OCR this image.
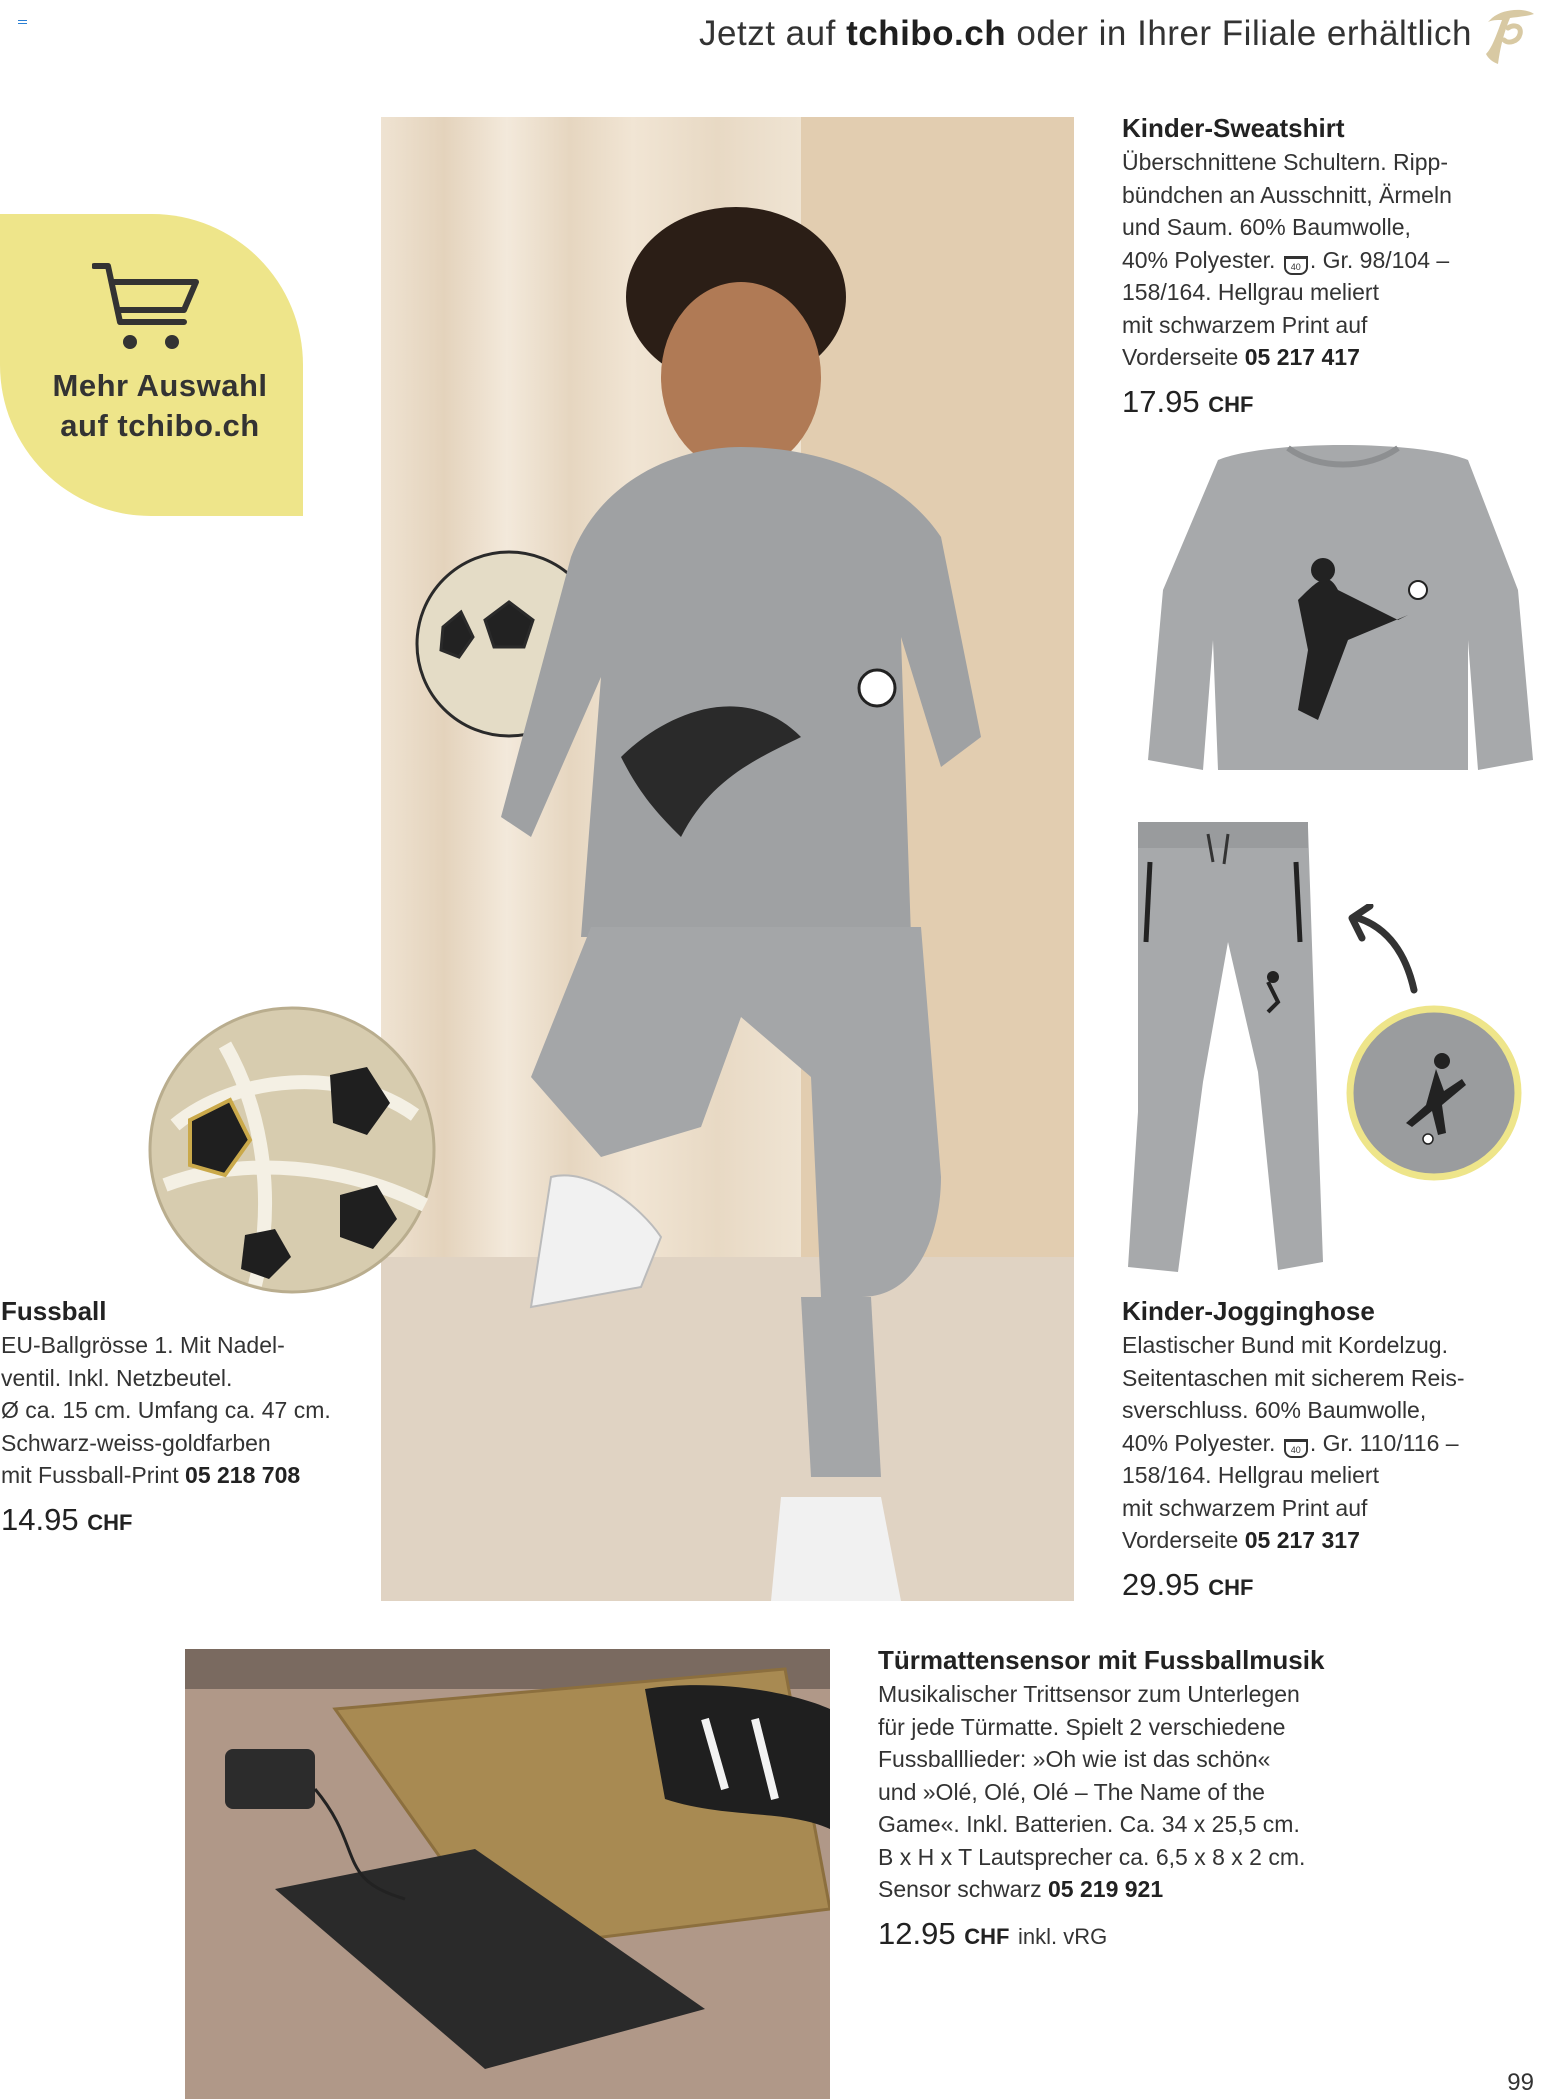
Jetzt auf tchibo.ch oder in Ihrer Filiale erhältlich
Mehr Auswahl
auf tchibo.ch
Kinder-Sweatshirt
Überschnittene Schultern. Ripp-
bündchen an Ausschnitt, Ärmeln
und Saum. 60% Baumwolle,
40% Polyester. 40 . Gr. 98/104 –
158/164. Hellgrau meliert
mit schwarzem Print auf
Vorderseite 05 217 417
17.95 CHF
Fussball
EU-Ballgrösse 1. Mit Nadel-
ventil. Inkl. Netzbeutel.
Ø ca. 15 cm. Umfang ca. 47 cm.
Schwarz-weiss-goldfarben
mit Fussball-Print 05 218 708
14.95 CHF
Kinder-Jogginghose
Elastischer Bund mit Kordelzug.
Seitentaschen mit sicherem Reis-
sverschluss. 60% Baumwolle,
40% Polyester. 40 . Gr. 110/116 –
158/164. Hellgrau meliert
mit schwarzem Print auf
Vorderseite 05 217 317
29.95 CHF
Türmattensensor mit Fussballmusik
Musikalischer Trittsensor zum Unterlegen
für jede Türmatte. Spielt 2 verschiedene
Fussballlieder: »Oh wie ist das schön«
und »Olé, Olé, Olé – The Name of the
Game«. Inkl. Batterien. Ca. 34 x 25,5 cm.
B x H x T Lautsprecher ca. 6,5 x 8 x 2 cm.
Sensor schwarz 05 219 921
12.95 CHF inkl. vRG
99
